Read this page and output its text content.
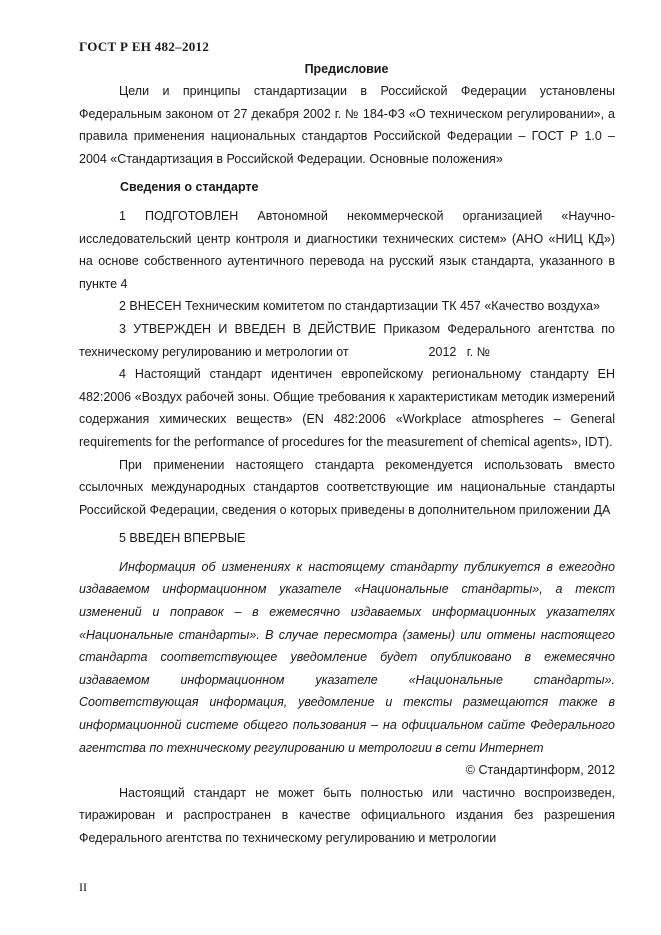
ГОСТ Р ЕН 482–2012
Предисловие

Цели и принципы стандартизации в Российской Федерации установлены Федеральным законом от 27 декабря 2002 г. № 184-ФЗ «О техническом регулировании», а правила применения национальных стандартов Российской Федерации – ГОСТ Р 1.0 – 2004 «Стандартизация в Российской Федерации. Основные положения»

Сведения о стандарте

1 ПОДГОТОВЛЕН Автономной некоммерческой организацией «Научно-исследовательский центр контроля и диагностики технических систем» (АНО «НИЦ КД») на основе собственного аутентичного перевода на русский язык стандарта, указанного в пункте 4

2 ВНЕСЕН Техническим комитетом по стандартизации ТК 457 «Качество воздуха»

3 УТВЕРЖДЕН И ВВЕДЕН В ДЕЙСТВИЕ Приказом Федерального агентства по техническому регулированию и метрологии от                       2012   г. №

4 Настоящий стандарт идентичен европейскому региональному стандарту ЕН 482:2006 «Воздух рабочей зоны. Общие требования к характеристикам методик измерений содержания химических веществ» (EN 482:2006 «Workplace atmospheres – General requirements for the performance of procedures for the measurement of chemical agents», IDT).

При применении настоящего стандарта рекомендуется использовать вместо ссылочных международных стандартов соответствующие им национальные стандарты Российской Федерации, сведения о которых приведены в дополнительном приложении ДА

5 ВВЕДЕН ВПЕРВЫЕ

Информация об изменениях к настоящему стандарту публикуется в ежегодно издаваемом информационном указателе «Национальные стандарты», а текст изменений и поправок – в ежемесячно издаваемых информационных указателях «Национальные стандарты». В случае пересмотра (замены) или отмены настоящего стандарта соответствующее уведомление будет опубликовано в ежемесячно издаваемом информационном указателе «Национальные стандарты». Соответствующая информация, уведомление и тексты размещаются также в информационной системе общего пользования – на официальном сайте Федерального агентства по техническому регулированию и метрологии в сети Интернет

© Стандартинформ, 2012

Настоящий стандарт не может быть полностью или частично воспроизведен, тиражирован и распространен в качестве официального издания без разрешения Федерального агентства по техническому регулированию и метрологии

II
